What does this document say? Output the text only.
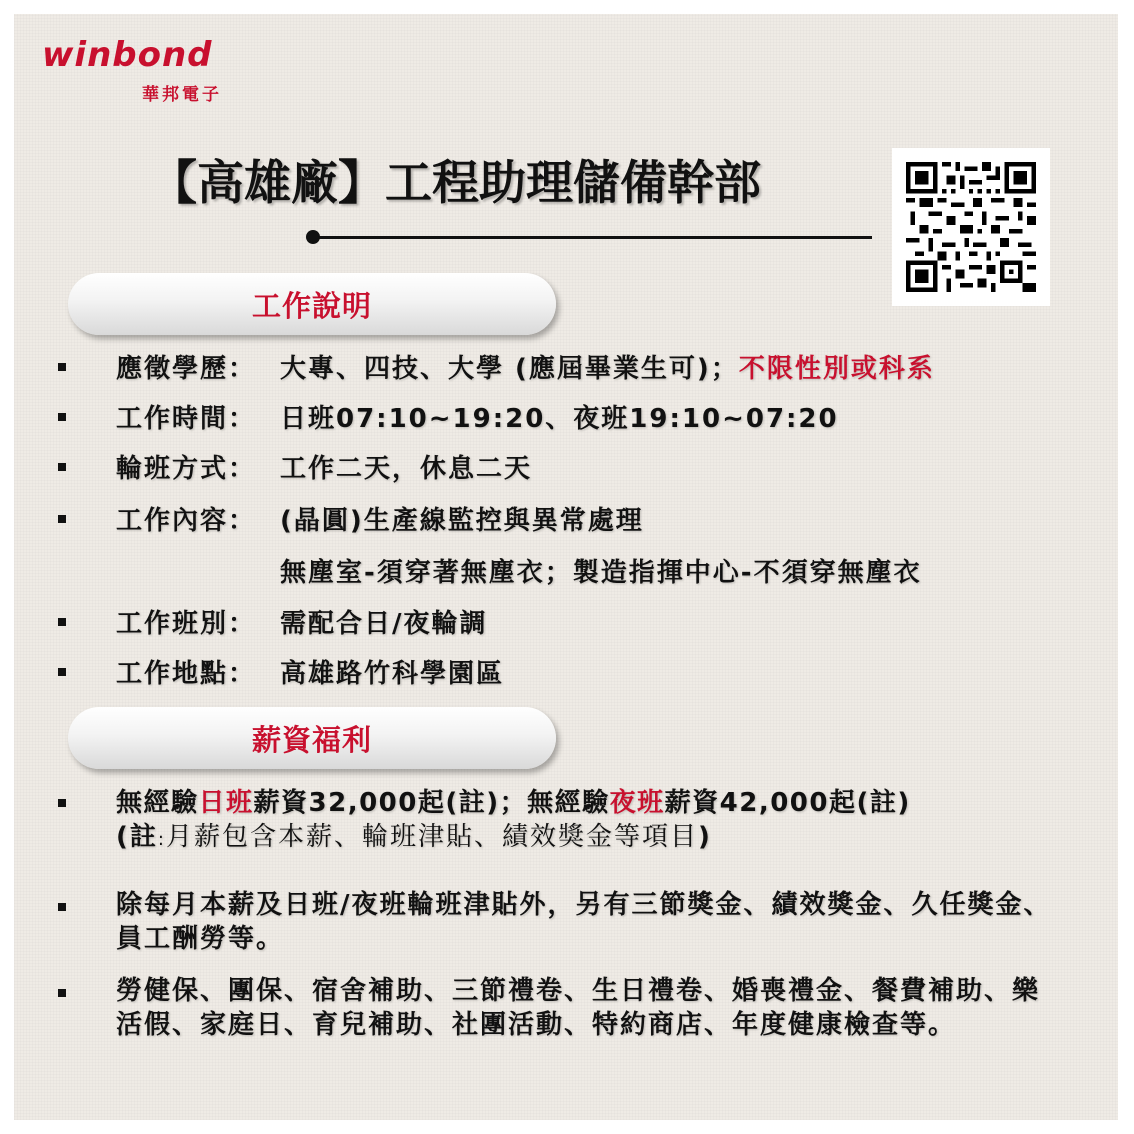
winbond
華邦電子
【高雄廠】工程助理儲備幹部
工作說明
應徵學歷： 大專、四技、大學 (應屆畢業生可)；不限性別或科系
工作時間： 日班07:10~19:20、夜班19:10~07:20
輪班方式： 工作二天，休息二天
工作內容： (晶圓)生產線監控與異常處理
無塵室-須穿著無塵衣；製造指揮中心-不須穿無塵衣
工作班別： 需配合日/夜輪調
工作地點： 高雄路竹科學園區
薪資福利
無經驗日班薪資32,000起(註)；無經驗夜班薪資42,000起(註)
(註:月薪包含本薪、輪班津貼、績效獎金等項目)
除每月本薪及日班/夜班輪班津貼外，另有三節獎金、績效獎金、久任獎金、員工酬勞等。
勞健保、團保、宿舍補助、三節禮卷、生日禮卷、婚喪禮金、餐費補助、樂活假、家庭日、育兒補助、社團活動、特約商店、年度健康檢查等。
